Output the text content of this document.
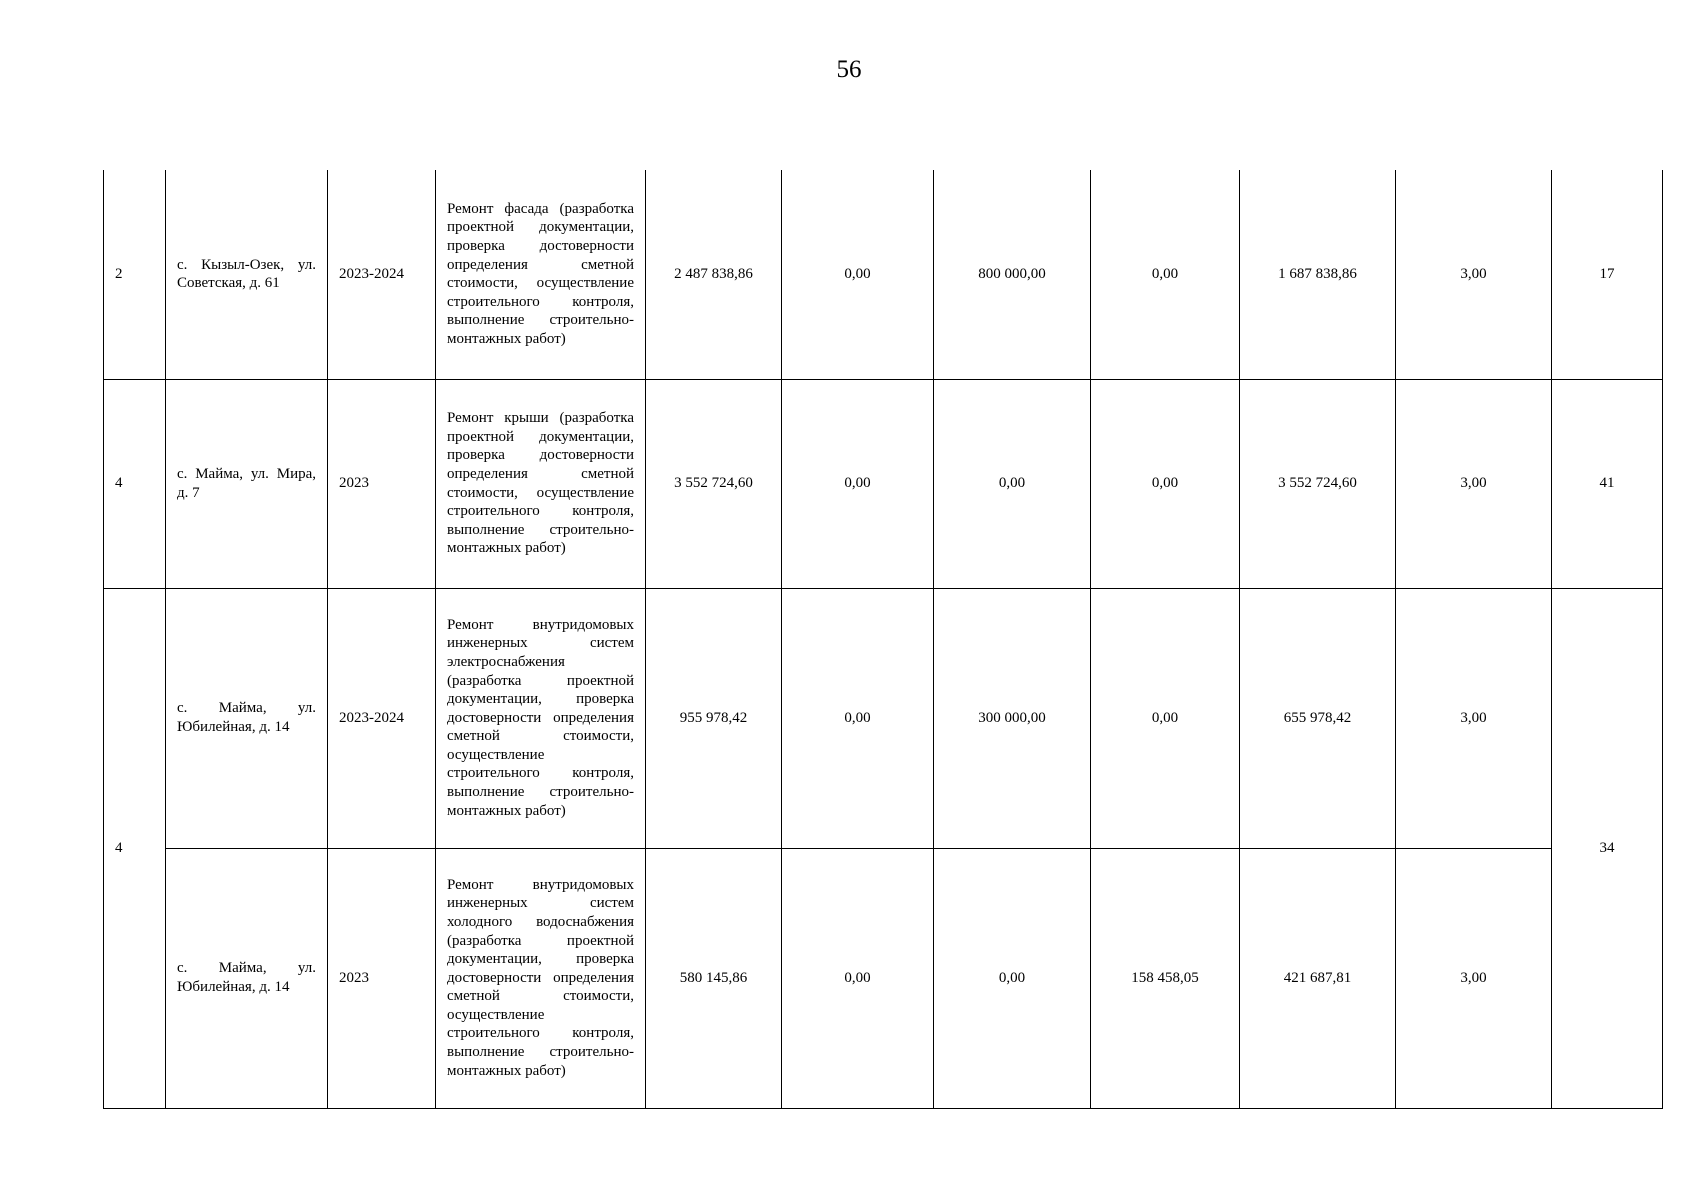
56
2	с. Кызыл-Озек, ул. Советская, д. 61	2023-2024	Ремонт фасада (разработка проектной документации, проверка достоверности определения сметной стоимости, осуществление строительного контроля, выполнение строительно-монтажных работ)	2 487 838,86	0,00	800 000,00	0,00	1 687 838,86	3,00	17
4	с. Майма, ул. Мира, д. 7	2023	Ремонт крыши (разработка проектной документации, проверка достоверности определения сметной стоимости, осуществление строительного контроля, выполнение строительно-монтажных работ)	3 552 724,60	0,00	0,00	0,00	3 552 724,60	3,00	41
4	с. Майма, ул. Юбилейная, д. 14	2023-2024	Ремонт внутридомовых инженерных систем электроснабжения (разработка проектной документации, проверка достоверности определения сметной стоимости, осуществление строительного контроля, выполнение строительно-монтажных работ)	955 978,42	0,00	300 000,00	0,00	655 978,42	3,00	34
	с. Майма, ул. Юбилейная, д. 14	2023	Ремонт внутридомовых инженерных систем холодного водоснабжения (разработка проектной документации, проверка достоверности определения сметной стоимости, осуществление строительного контроля, выполнение строительно-монтажных работ)	580 145,86	0,00	0,00	158 458,05	421 687,81	3,00	
